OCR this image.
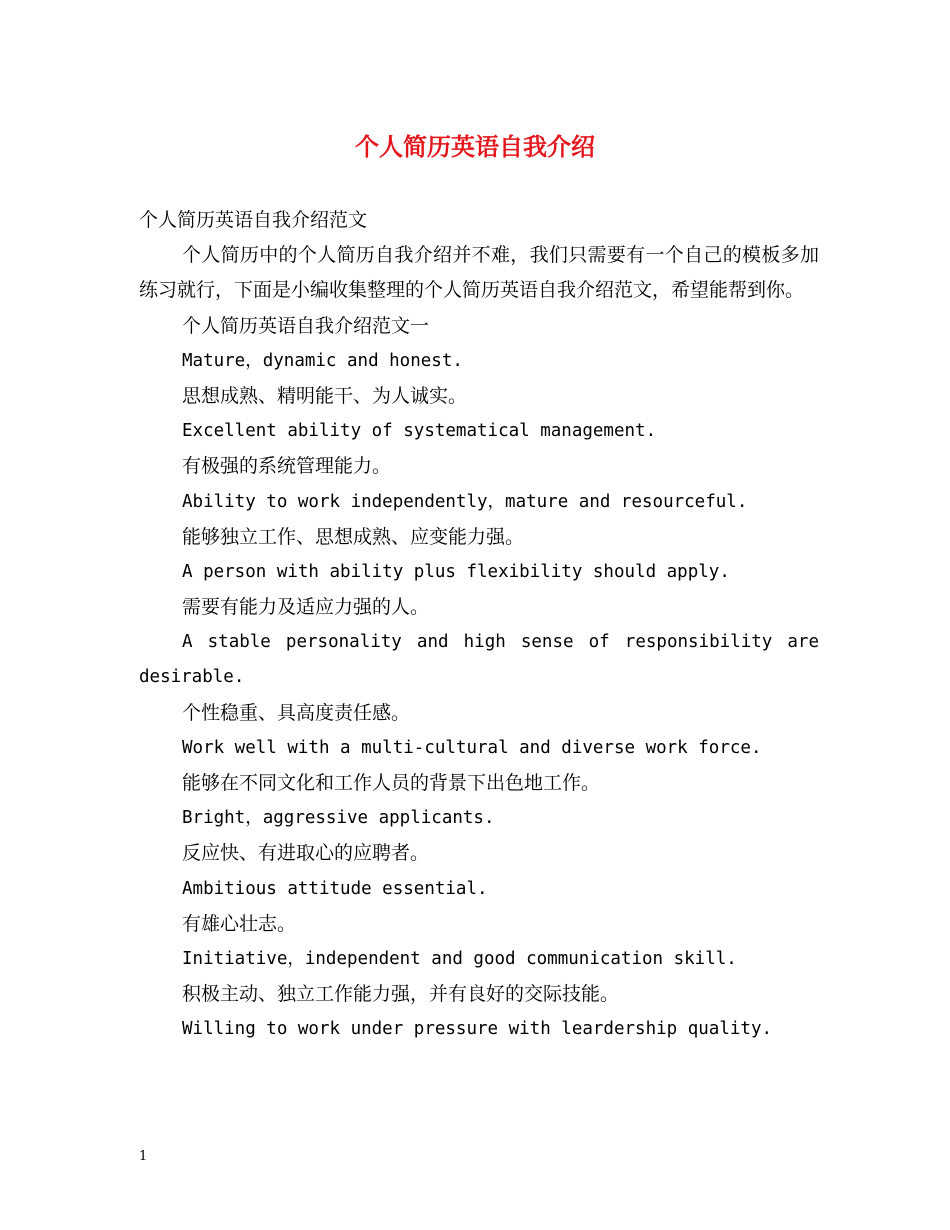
个人简历英语自我介绍
个人简历英语自我介绍范文

个人简历中的个人简历自我介绍并不难，我们只需要有一个自己的模板多加练习就行，下面是小编收集整理的个人简历英语自我介绍范文，希望能帮到你。

个人简历英语自我介绍范文一
Mature，dynamic and honest.
思想成熟、精明能干、为人诚实。
Excellent ability of systematical management.
有极强的系统管理能力。
Ability to work independently，mature and resourceful.
能够独立工作、思想成熟、应变能力强。
A person with ability plus flexibility should apply.
需要有能力及适应力强的人。

A stable personality and high sense of responsibility are desirable.

个性稳重、具高度责任感。
Work well with a multi-cultural and diverse work force.
能够在不同文化和工作人员的背景下出色地工作。
Bright，aggressive applicants.
反应快、有进取心的应聘者。
Ambitious attitude essential.
有雄心壮志。
Initiative，independent and good communication skill.
积极主动、独立工作能力强，并有良好的交际技能。
Willing to work under pressure with leardership quality.
1
